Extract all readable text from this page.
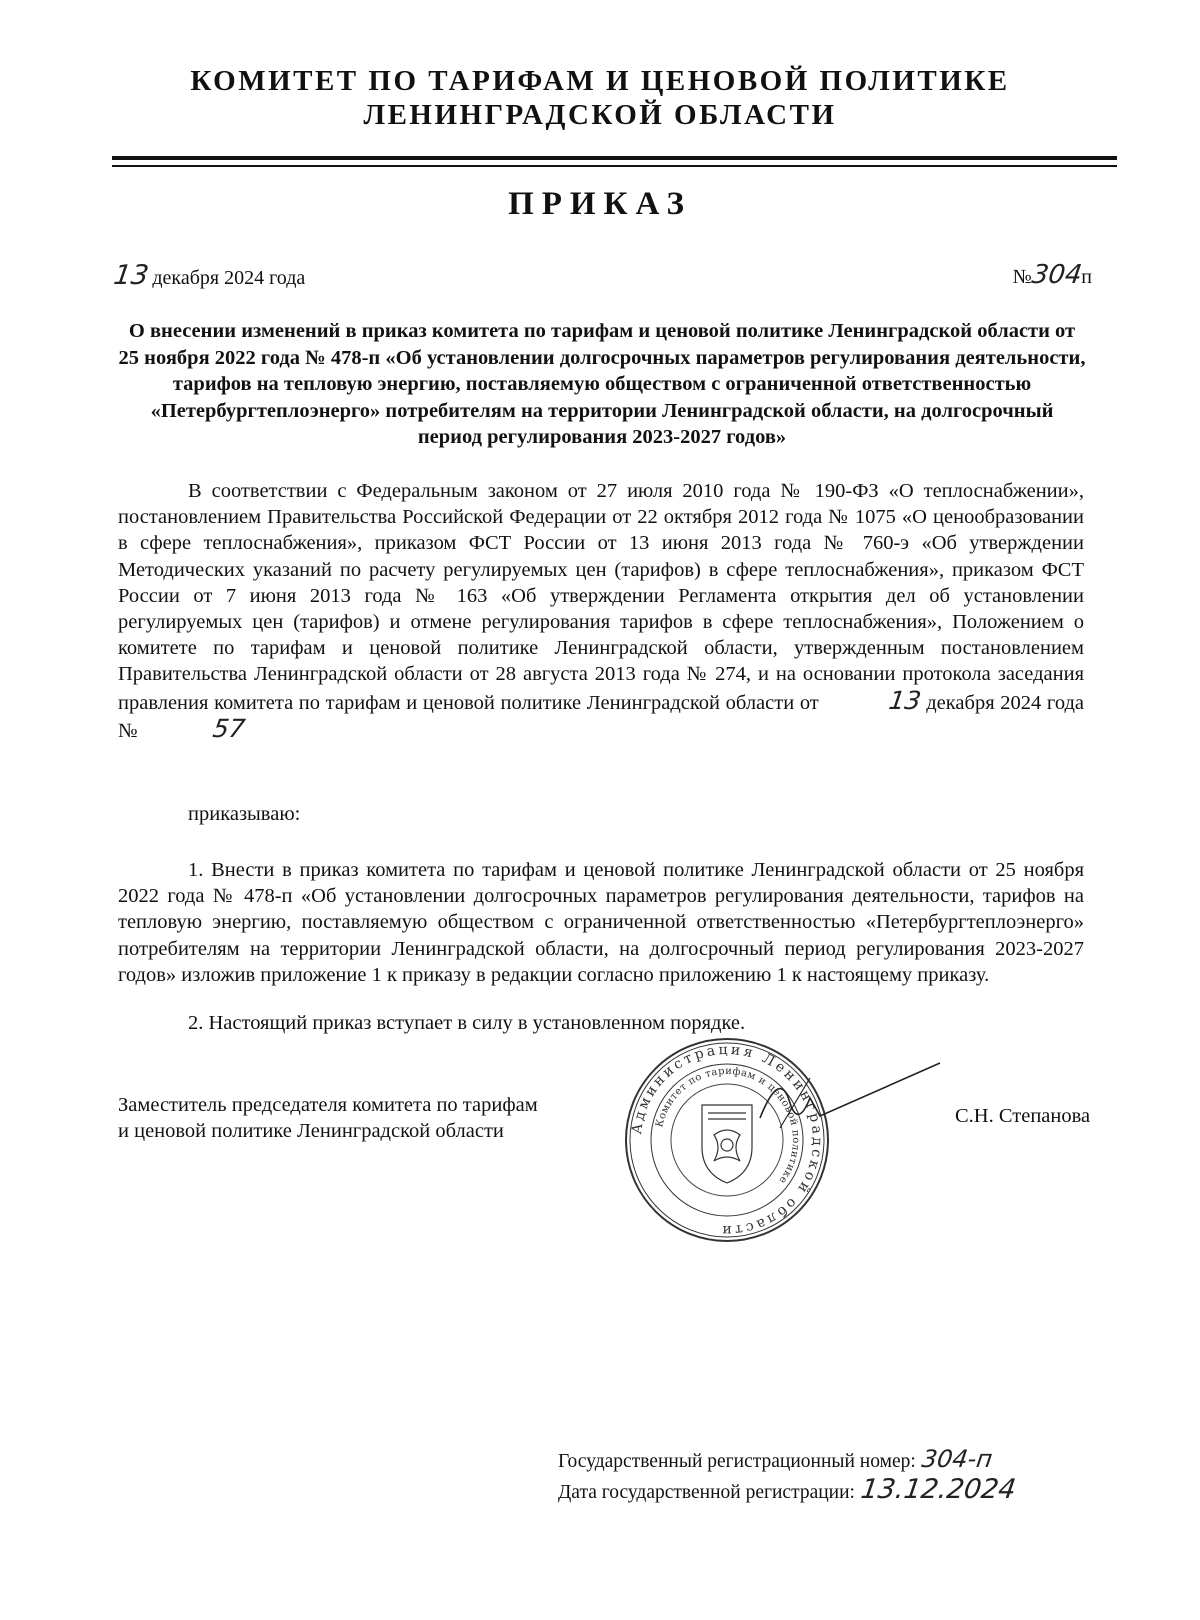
КОМИТЕТ ПО ТАРИФАМ И ЦЕНОВОЙ ПОЛИТИКЕ
ЛЕНИНГРАДСКОЙ ОБЛАСТИ
ПРИКАЗ
13декабря 2024 года	№304п
О внесении изменений в приказ комитета по тарифам и ценовой политике Ленинградской области от 25 ноября 2022 года № 478-п «Об установлении долгосрочных параметров регулирования деятельности, тарифов на тепловую энергию, поставляемую обществом с ограниченной ответственностью «Петербургтеплоэнерго» потребителям на территории Ленинградской области, на долгосрочный период регулирования 2023-2027 годов»
В соответствии с Федеральным законом от 27 июля 2010 года № 190-ФЗ «О теплоснабжении», постановлением Правительства Российской Федерации от 22 октября 2012 года № 1075 «О ценообразовании в сфере теплоснабжения», приказом ФСТ России от 13 июня 2013 года № 760-э «Об утверждении Методических указаний по расчету регулируемых цен (тарифов) в сфере теплоснабжения», приказом ФСТ России от 7 июня 2013 года № 163 «Об утверждении Регламента открытия дел об установлении регулируемых цен (тарифов) и отмене регулирования тарифов в сфере теплоснабжения», Положением о комитете по тарифам и ценовой политике Ленинградской области, утвержденным постановлением Правительства Ленинградской области от 28 августа 2013 года № 274, и на основании протокола заседания правления комитета по тарифам и ценовой политике Ленинградской области от	13 декабря 2024 года №	57
приказываю:
1. Внести в приказ комитета по тарифам и ценовой политике Ленинградской области от 25 ноября 2022 года № 478-п «Об установлении долгосрочных параметров регулирования деятельности, тарифов на тепловую энергию, поставляемую обществом с ограниченной ответственностью «Петербургтеплоэнерго» потребителям на территории Ленинградской области, на долгосрочный период регулирования 2023-2027 годов» изложив приложение 1 к приказу в редакции согласно приложению 1 к настоящему приказу.
2. Настоящий приказ вступает в силу в установленном порядке.
Заместитель председателя комитета по тарифам
и ценовой политике Ленинградской области	Администрация Ленинградской области
Комитет по тарифам и ценовой политике
С.Н. Степанова
Государственный регистрационный номер: 304-п
Дата государственной регистрации: 13.12.2024
